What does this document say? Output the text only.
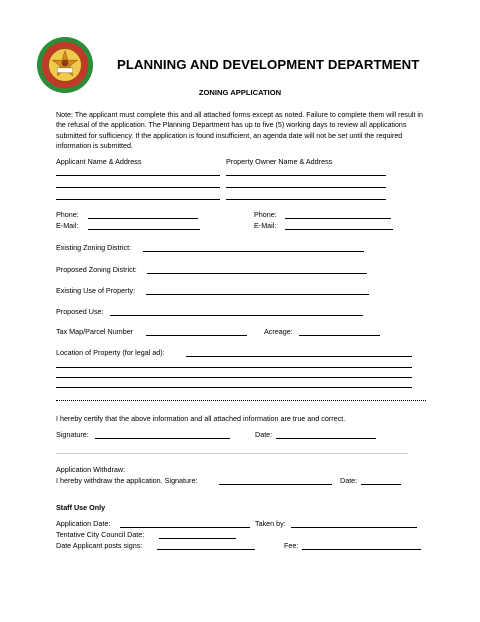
PLANNING AND DEVELOPMENT DEPARTMENT
ZONING APPLICATION
Note: The applicant must complete this and all attached forms except as noted. Failure to complete them will result in the refusal of the application. The Planning Department has up to five (5) working days to review all applications submitted for sufficiency. If the application is found insufficient, an agenda date will not be set until the required information is submitted.
Applicant Name & Address	Property Owner Name & Address
Phone:
E-Mail:
Phone:
E-Mail:
Existing Zoning District:
Proposed Zoning District:
Existing Use of Property:
Proposed Use:
Tax Map/Parcel Number	Acreage:
Location of Property (for legal ad):
I hereby certify that the above information and all attached information are true and correct.
Signature:	Date:
Application Withdraw:
I hereby withdraw the application. Signature:	Date:
Staff Use Only
Application Date:	Taken by:
Tentative City Council Date:
Date Applicant posts signs:	Fee:
